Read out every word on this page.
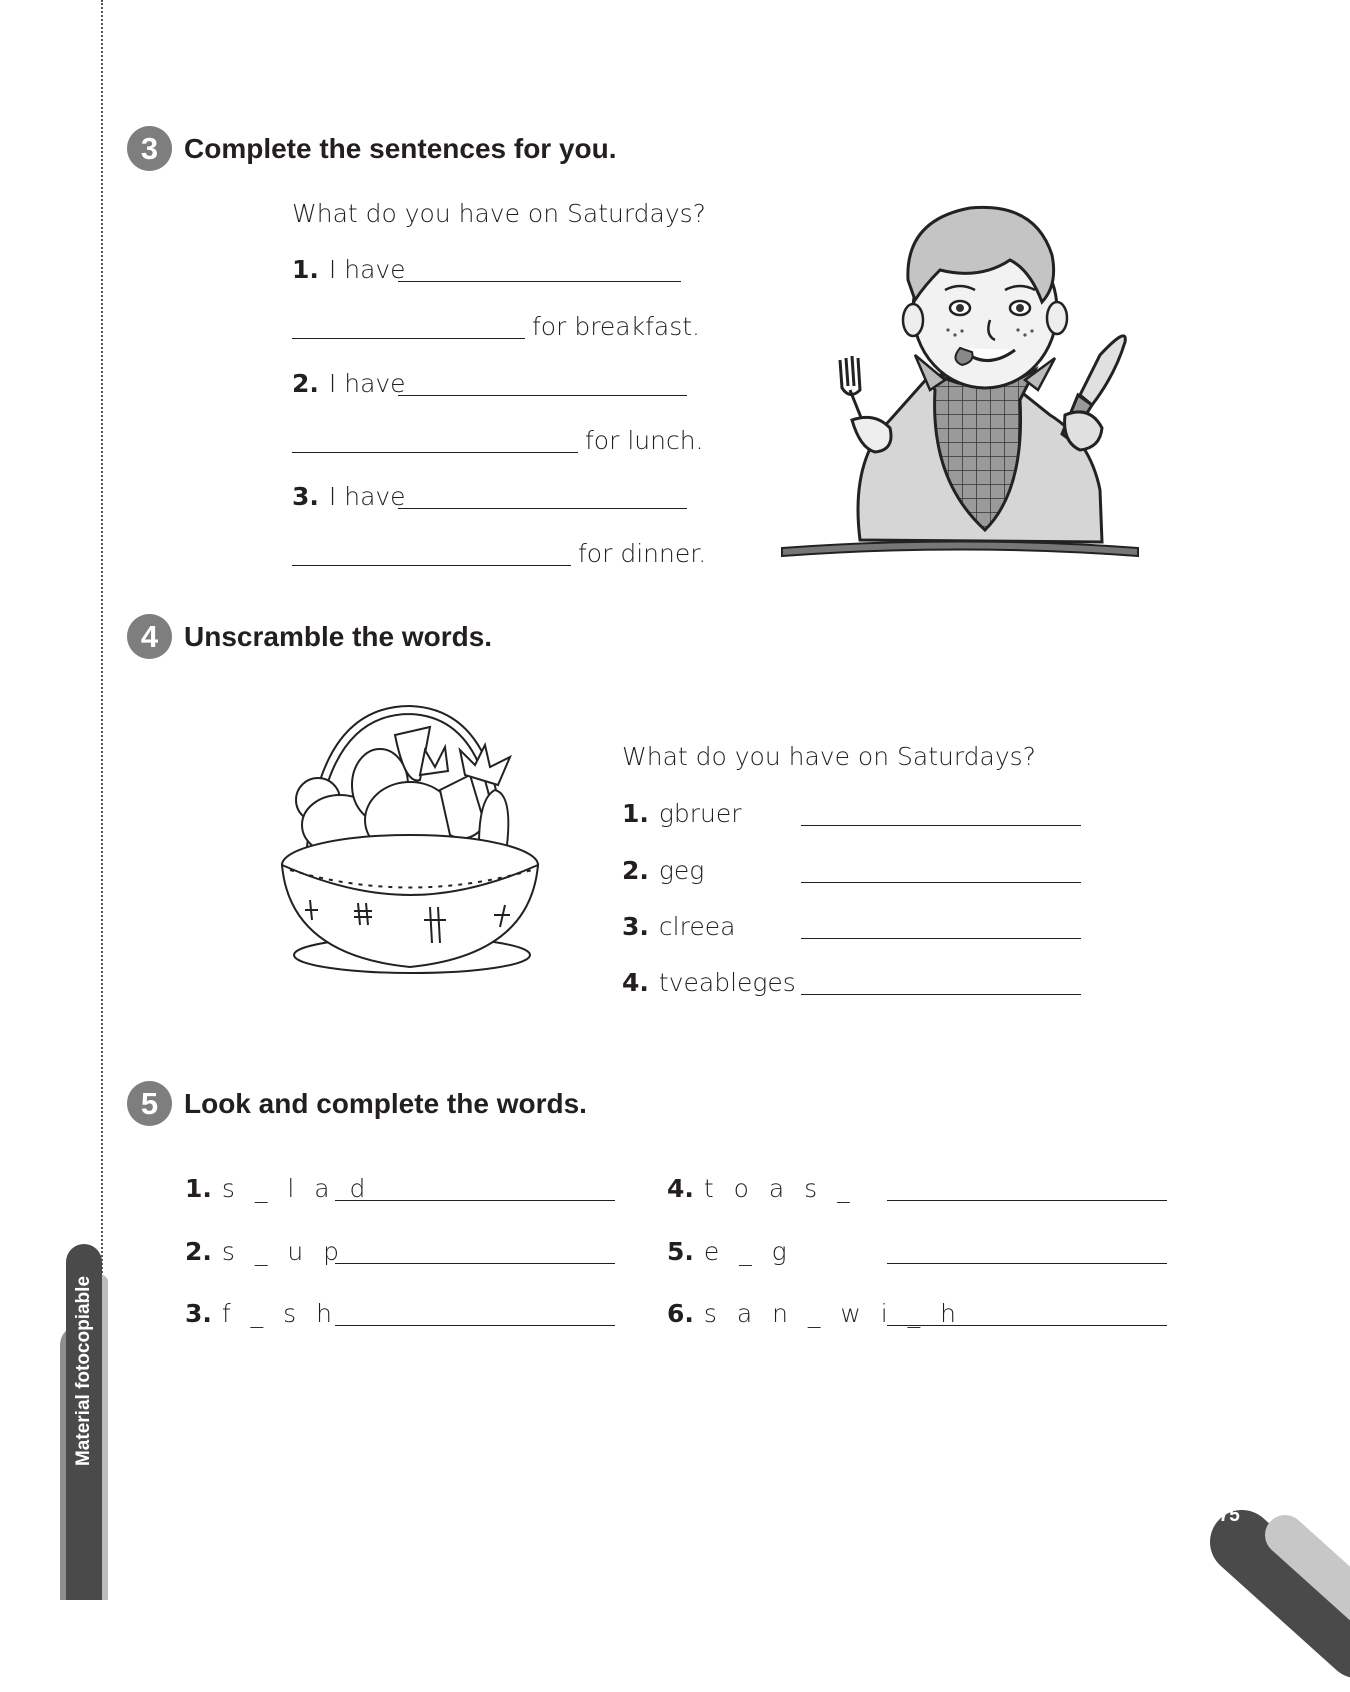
Material fotocopiable
3 Complete the sentences for you.
What do you have on Saturdays?
1. I have
for breakfast.
2. I have
for lunch.
3. I have
for dinner.
4 Unscramble the words.
What do you have on Saturdays?
1. gbruer
2. geg
3. clreea
4. tveableges
5 Look and complete the words.
1. s _ l a d
2. s _ u p
3. f _ s h
4. t o a s _
5. e _ g
6. s a n _ w i _ h
175
